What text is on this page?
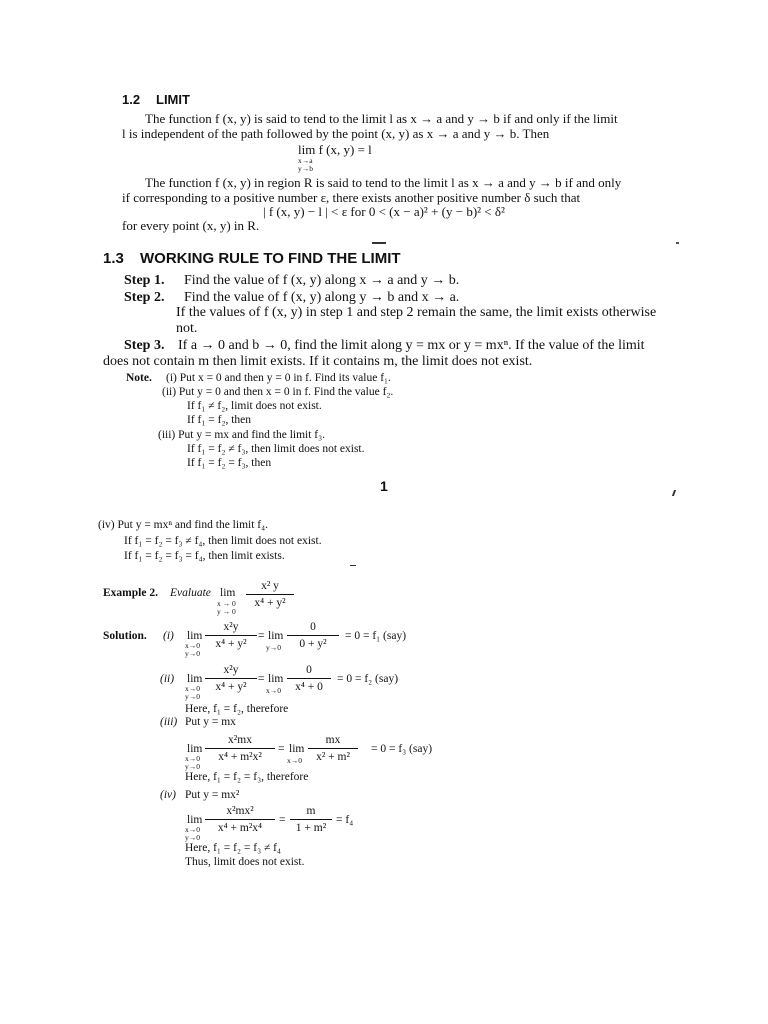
1.2 LIMIT
The function f (x, y) is said to tend to the limit l as x → a and y → b if and only if the limit
l is independent of the path followed by the point (x, y) as x → a and y → b. Then
lim f (x, y) = l
x→a
y→b
The function f (x, y) in region R is said to tend to the limit l as x → a and y → b if and only
if corresponding to a positive number ε, there exists another positive number δ such that
| f (x, y) − l | < ε for 0 < (x − a)² + (y − b)² < δ²
for every point (x, y) in R.
1.3 WORKING RULE TO FIND THE LIMIT
Step 1. Find the value of f (x, y) along x → a and y → b.
Step 2. Find the value of f (x, y) along y → b and x → a.
If the values of f (x, y) in step 1 and step 2 remain the same, the limit exists otherwise
not.
Step 3. If a → 0 and b → 0, find the limit along y = mx or y = mxⁿ. If the value of the limit
does not contain m then limit exists. If it contains m, the limit does not exist.
Note. (i) Put x = 0 and then y = 0 in f. Find its value f₁.
(ii) Put y = 0 and then x = 0 in f. Find the value f₂.
If f₁ ≠ f₂, limit does not exist.
If f₁ = f₂, then
(iii) Put y = mx and find the limit f₃.
If f₁ = f₂ ≠ f₃, then limit does not exist.
If f₁ = f₂ = f₃, then
1
(iv) Put y = mxⁿ and find the limit f₄.
If f₁ = f₂ = f₃ ≠ f₄, then limit does not exist.
If f₁ = f₂ = f₃ = f₄, then limit exists.
Example 2. Evaluate lim
x → 0
y → 0
x² y
x⁴ + y²
Solution. (i) lim
x→0
y→0
x²y
x⁴ + y²
= lim
y→0
0
0 + y²
= 0 = f₁ (say)
(ii) lim
x→0
y→0
x²y
x⁴ + y²
= lim
x→0
0
x⁴ + 0
= 0 = f₂ (say)
Here, f₁ = f₂, therefore
(iii) Put y = mx
lim
x→0
y→0
x²mx
x⁴ + m²x²
= lim
x→0
mx
x² + m²
= 0 = f₃ (say)
Here, f₁ = f₂ = f₃, therefore
(iv) Put y = mx²
lim
x→0
y→0
x²mx²
x⁴ + m²x⁴
=
m
1 + m²
= f₄
Here, f₁ = f₂ = f₃ ≠ f₄
Thus, limit does not exist.
